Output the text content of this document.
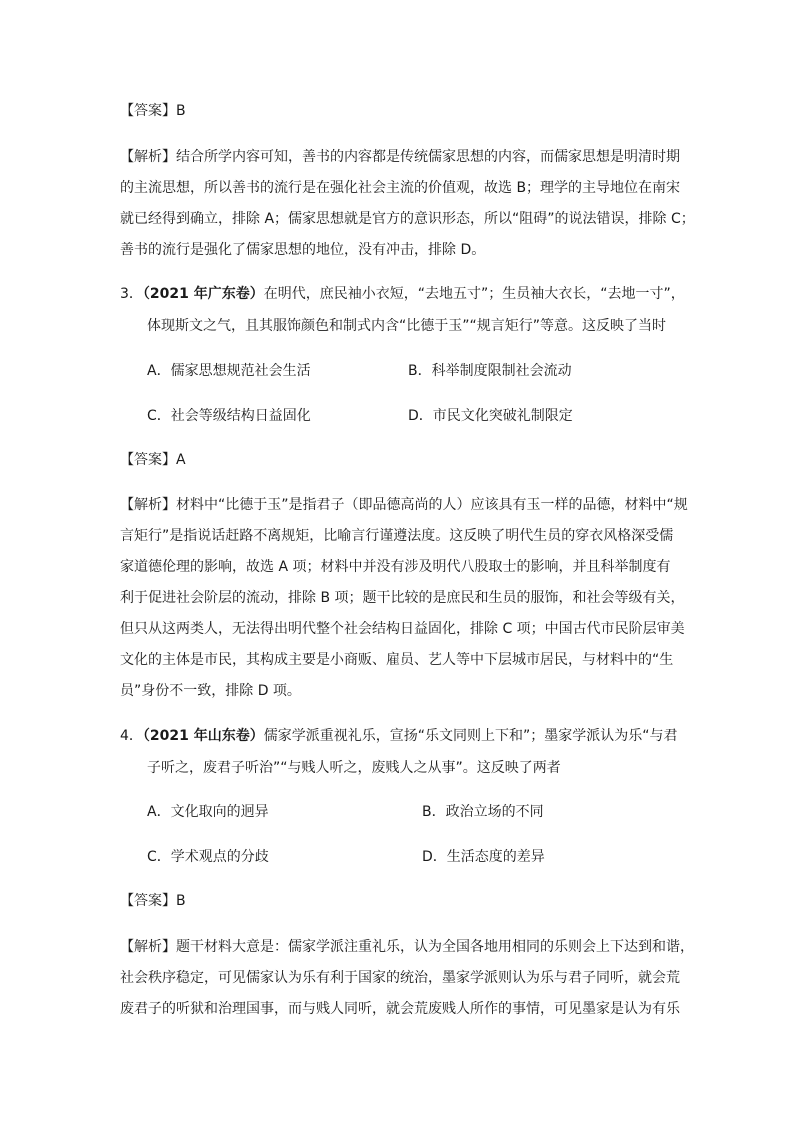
【答案】B
【解析】结合所学内容可知，善书的内容都是传统儒家思想的内容，而儒家思想是明清时期
的主流思想，所以善书的流行是在强化社会主流的价值观，故选 B；理学的主导地位在南宋
就已经得到确立，排除 A；儒家思想就是官方的意识形态，所以“阻碍”的说法错误，排除 C；
善书的流行是强化了儒家思想的地位，没有冲击，排除 D。
3．（2021 年广东卷）在明代，庶民袖小衣短，“去地五寸”；生员袖大衣长，“去地一寸”，
体现斯文之气，且其服饰颜色和制式内含“比德于玉”“规言矩行”等意。这反映了当时
A．儒家思想规范社会生活	B．科举制度限制社会流动
C．社会等级结构日益固化	D．市民文化突破礼制限定
【答案】A
【解析】材料中“比德于玉”是指君子（即品德高尚的人）应该具有玉一样的品德，材料中“规
言矩行”是指说话赶路不离规矩，比喻言行谨遵法度。这反映了明代生员的穿衣风格深受儒
家道德伦理的影响，故选 A 项；材料中并没有涉及明代八股取士的影响，并且科举制度有
利于促进社会阶层的流动，排除 B 项；题干比较的是庶民和生员的服饰，和社会等级有关，
但只从这两类人，无法得出明代整个社会结构日益固化，排除 C 项；中国古代市民阶层审美
文化的主体是市民，其构成主要是小商贩、雇员、艺人等中下层城市居民，与材料中的“生
员”身份不一致，排除 D 项。
4．（2021 年山东卷）儒家学派重视礼乐，宣扬“乐文同则上下和”；墨家学派认为乐“与君
子听之，废君子听治”“与贱人听之，废贱人之从事”。这反映了两者
A．文化取向的迥异	B．政治立场的不同
C．学术观点的分歧	D．生活态度的差异
【答案】B
【解析】题干材料大意是：儒家学派注重礼乐，认为全国各地用相同的乐则会上下达到和谐，
社会秩序稳定，可见儒家认为乐有利于国家的统治，墨家学派则认为乐与君子同听，就会荒
废君子的听狱和治理国事，而与贱人同听，就会荒废贱人所作的事情，可见墨家是认为有乐
